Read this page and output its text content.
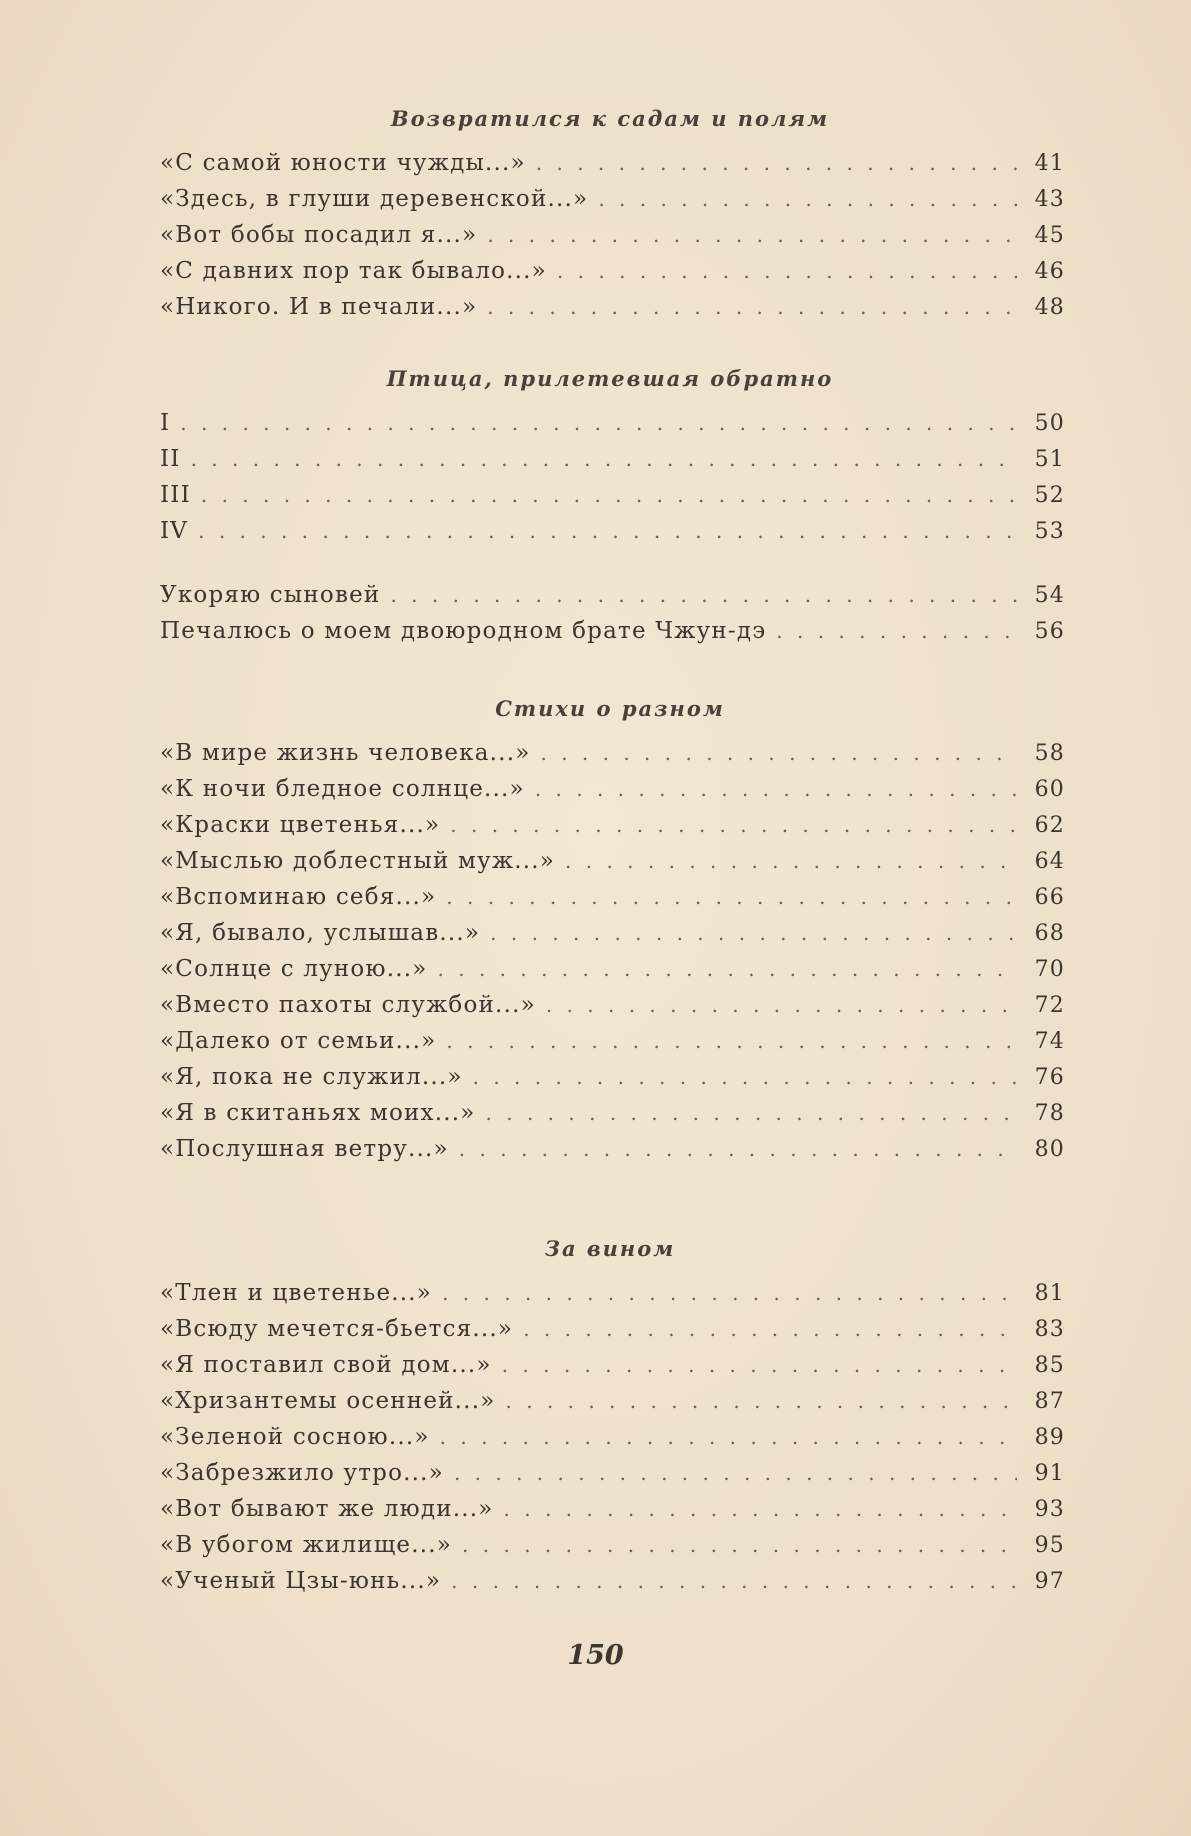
Возвратился к садам и полям
«С самой юности чужды...» . . .	41
«Здесь, в глуши деревенской...» . . .	43
«Вот бобы посадил я...» . . .	45
«С давних пор так бывало...» . . .	46
«Никого. И в печали...» . . .	48
Птица, прилетевшая обратно
I . . .	50
II . . .	51
III . . .	52
IV . . .	53
Укоряю сыновей . . .	54
Печалюсь о моем двоюродном брате Чжун-дэ . . .	56
Стихи о разном
«В мире жизнь человека...» . . .	58
«К ночи бледное солнце...» . . .	60
«Краски цветенья...» . . .	62
«Мыслью доблестный муж...» . . .	64
«Вспоминаю себя...» . . .	66
«Я, бывало, услышав...» . . .	68
«Солнце с луною...» . . .	70
«Вместо пахоты службой...» . . .	72
«Далеко от семьи...» . . .	74
«Я, пока не служил...» . . .	76
«Я в скитаньях моих...» . . .	78
«Послушная ветру...» . . .	80
За вином
«Тлен и цветенье...» . . .	81
«Всюду мечется-бьется...» . . .	83
«Я поставил свой дом...» . . .	85
«Хризантемы осенней...» . . .	87
«Зеленой сосною...» . . .	89
«Забрезжило утро...» . . .	91
«Вот бывают же люди...» . . .	93
«В убогом жилище...» . . .	95
«Ученый Цзы-юнь...» . . .	97
150
